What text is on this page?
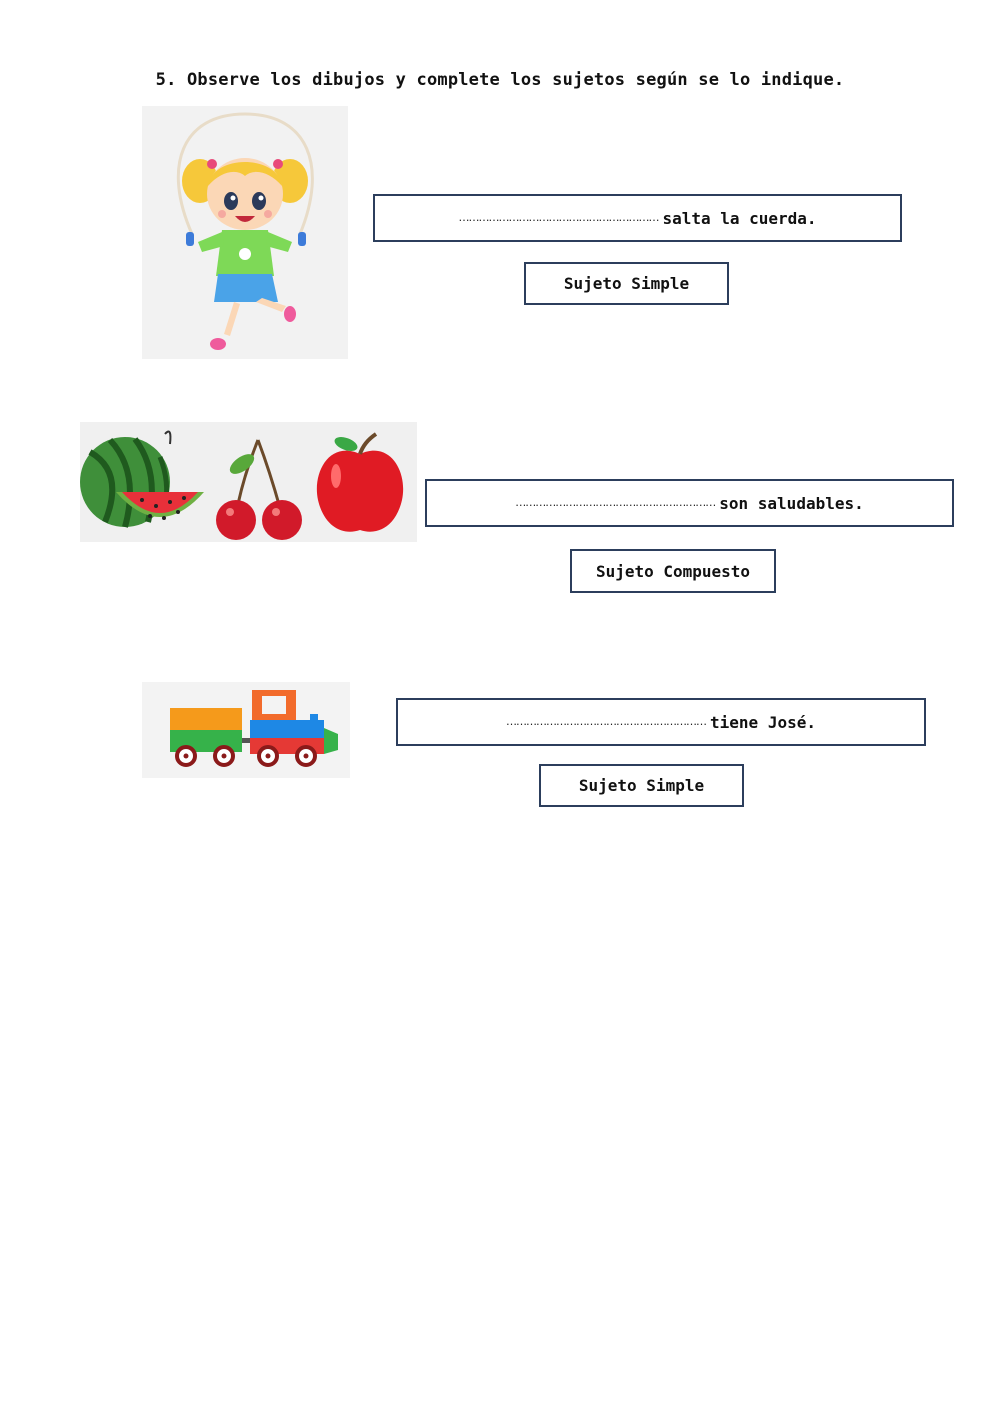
5. Observe los dibujos y complete los sujetos según se lo indique.
…………………………………………………… salta la cuerda.
Sujeto Simple
…………………………………………………… son saludables.
Sujeto Compuesto
…………………………………………………… tiene José.
Sujeto Simple
